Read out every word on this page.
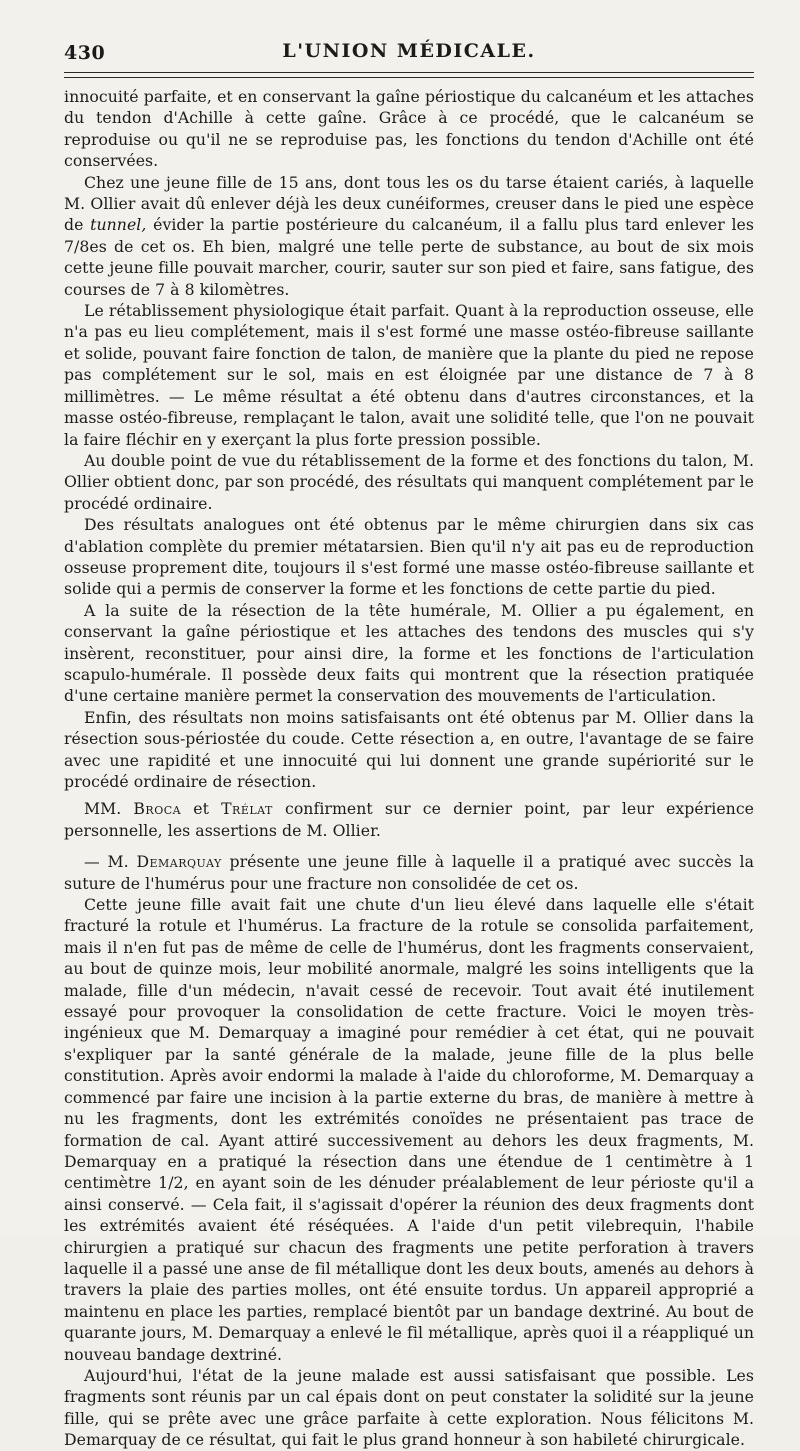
430	L'UNION MÉDICALE.

innocuité parfaite, et en conservant la gaîne périostique du calcanéum et les attaches du tendon d'Achille à cette gaîne. Grâce à ce procédé, que le calcanéum se reproduise ou qu'il ne se reproduise pas, les fonctions du tendon d'Achille ont été conservées.

Chez une jeune fille de 15 ans, dont tous les os du tarse étaient cariés, à laquelle M. Ollier avait dû enlever déjà les deux cunéiformes, creuser dans le pied une espèce de tunnel, évider la partie postérieure du calcanéum, il a fallu plus tard enlever les 7/8es de cet os. Eh bien, malgré une telle perte de substance, au bout de six mois cette jeune fille pouvait marcher, courir, sauter sur son pied et faire, sans fatigue, des courses de 7 à 8 kilomètres.

Le rétablissement physiologique était parfait. Quant à la reproduction osseuse, elle n'a pas eu lieu complétement, mais il s'est formé une masse ostéo-fibreuse saillante et solide, pouvant faire fonction de talon, de manière que la plante du pied ne repose pas complétement sur le sol, mais en est éloignée par une distance de 7 à 8 millimètres. — Le même résultat a été obtenu dans d'autres circonstances, et la masse ostéo-fibreuse, remplaçant le talon, avait une solidité telle, que l'on ne pouvait la faire fléchir en y exerçant la plus forte pression possible.

Au double point de vue du rétablissement de la forme et des fonctions du talon, M. Ollier obtient donc, par son procédé, des résultats qui manquent complétement par le procédé ordinaire.

Des résultats analogues ont été obtenus par le même chirurgien dans six cas d'ablation complète du premier métatarsien. Bien qu'il n'y ait pas eu de reproduction osseuse proprement dite, toujours il s'est formé une masse ostéo-fibreuse saillante et solide qui a permis de conserver la forme et les fonctions de cette partie du pied.

A la suite de la résection de la tête humérale, M. Ollier a pu également, en conservant la gaîne périostique et les attaches des tendons des muscles qui s'y insèrent, reconstituer, pour ainsi dire, la forme et les fonctions de l'articulation scapulo-humérale. Il possède deux faits qui montrent que la résection pratiquée d'une certaine manière permet la conservation des mouvements de l'articulation.

Enfin, des résultats non moins satisfaisants ont été obtenus par M. Ollier dans la résection sous-périostée du coude. Cette résection a, en outre, l'avantage de se faire avec une rapidité et une innocuité qui lui donnent une grande supériorité sur le procédé ordinaire de résection.

MM. Broca et Trélat confirment sur ce dernier point, par leur expérience personnelle, les assertions de M. Ollier.

— M. Demarquay présente une jeune fille à laquelle il a pratiqué avec succès la suture de l'humérus pour une fracture non consolidée de cet os.

Cette jeune fille avait fait une chute d'un lieu élevé dans laquelle elle s'était fracturé la rotule et l'humérus. La fracture de la rotule se consolida parfaitement, mais il n'en fut pas de même de celle de l'humérus, dont les fragments conservaient, au bout de quinze mois, leur mobilité anormale, malgré les soins intelligents que la malade, fille d'un médecin, n'avait cessé de recevoir. Tout avait été inutilement essayé pour provoquer la consolidation de cette fracture. Voici le moyen très-ingénieux que M. Demarquay a imaginé pour remédier à cet état, qui ne pouvait s'expliquer par la santé générale de la malade, jeune fille de la plus belle constitution. Après avoir endormi la malade à l'aide du chloroforme, M. Demarquay a commencé par faire une incision à la partie externe du bras, de manière à mettre à nu les fragments, dont les extrémités conoïdes ne présentaient pas trace de formation de cal. Ayant attiré successivement au dehors les deux fragments, M. Demarquay en a pratiqué la résection dans une étendue de 1 centimètre à 1 centimètre 1/2, en ayant soin de les dénuder préalablement de leur périoste qu'il a ainsi conservé. — Cela fait, il s'agissait d'opérer la réunion des deux fragments dont les extrémités avaient été réséquées. A l'aide d'un petit vilebrequin, l'habile chirurgien a pratiqué sur chacun des fragments une petite perforation à travers laquelle il a passé une anse de fil métallique dont les deux bouts, amenés au dehors à travers la plaie des parties molles, ont été ensuite tordus. Un appareil approprié a maintenu en place les parties, remplacé bientôt par un bandage dextriné. Au bout de quarante jours, M. Demarquay a enlevé le fil métallique, après quoi il a réappliqué un nouveau bandage dextriné.

Aujourd'hui, l'état de la jeune malade est aussi satisfaisant que possible. Les fragments sont réunis par un cal épais dont on peut constater la solidité sur la jeune fille, qui se prête avec une grâce parfaite à cette exploration. Nous félicitons M. Demarquay de ce résultat, qui fait le plus grand honneur à son habileté chirurgicale.
